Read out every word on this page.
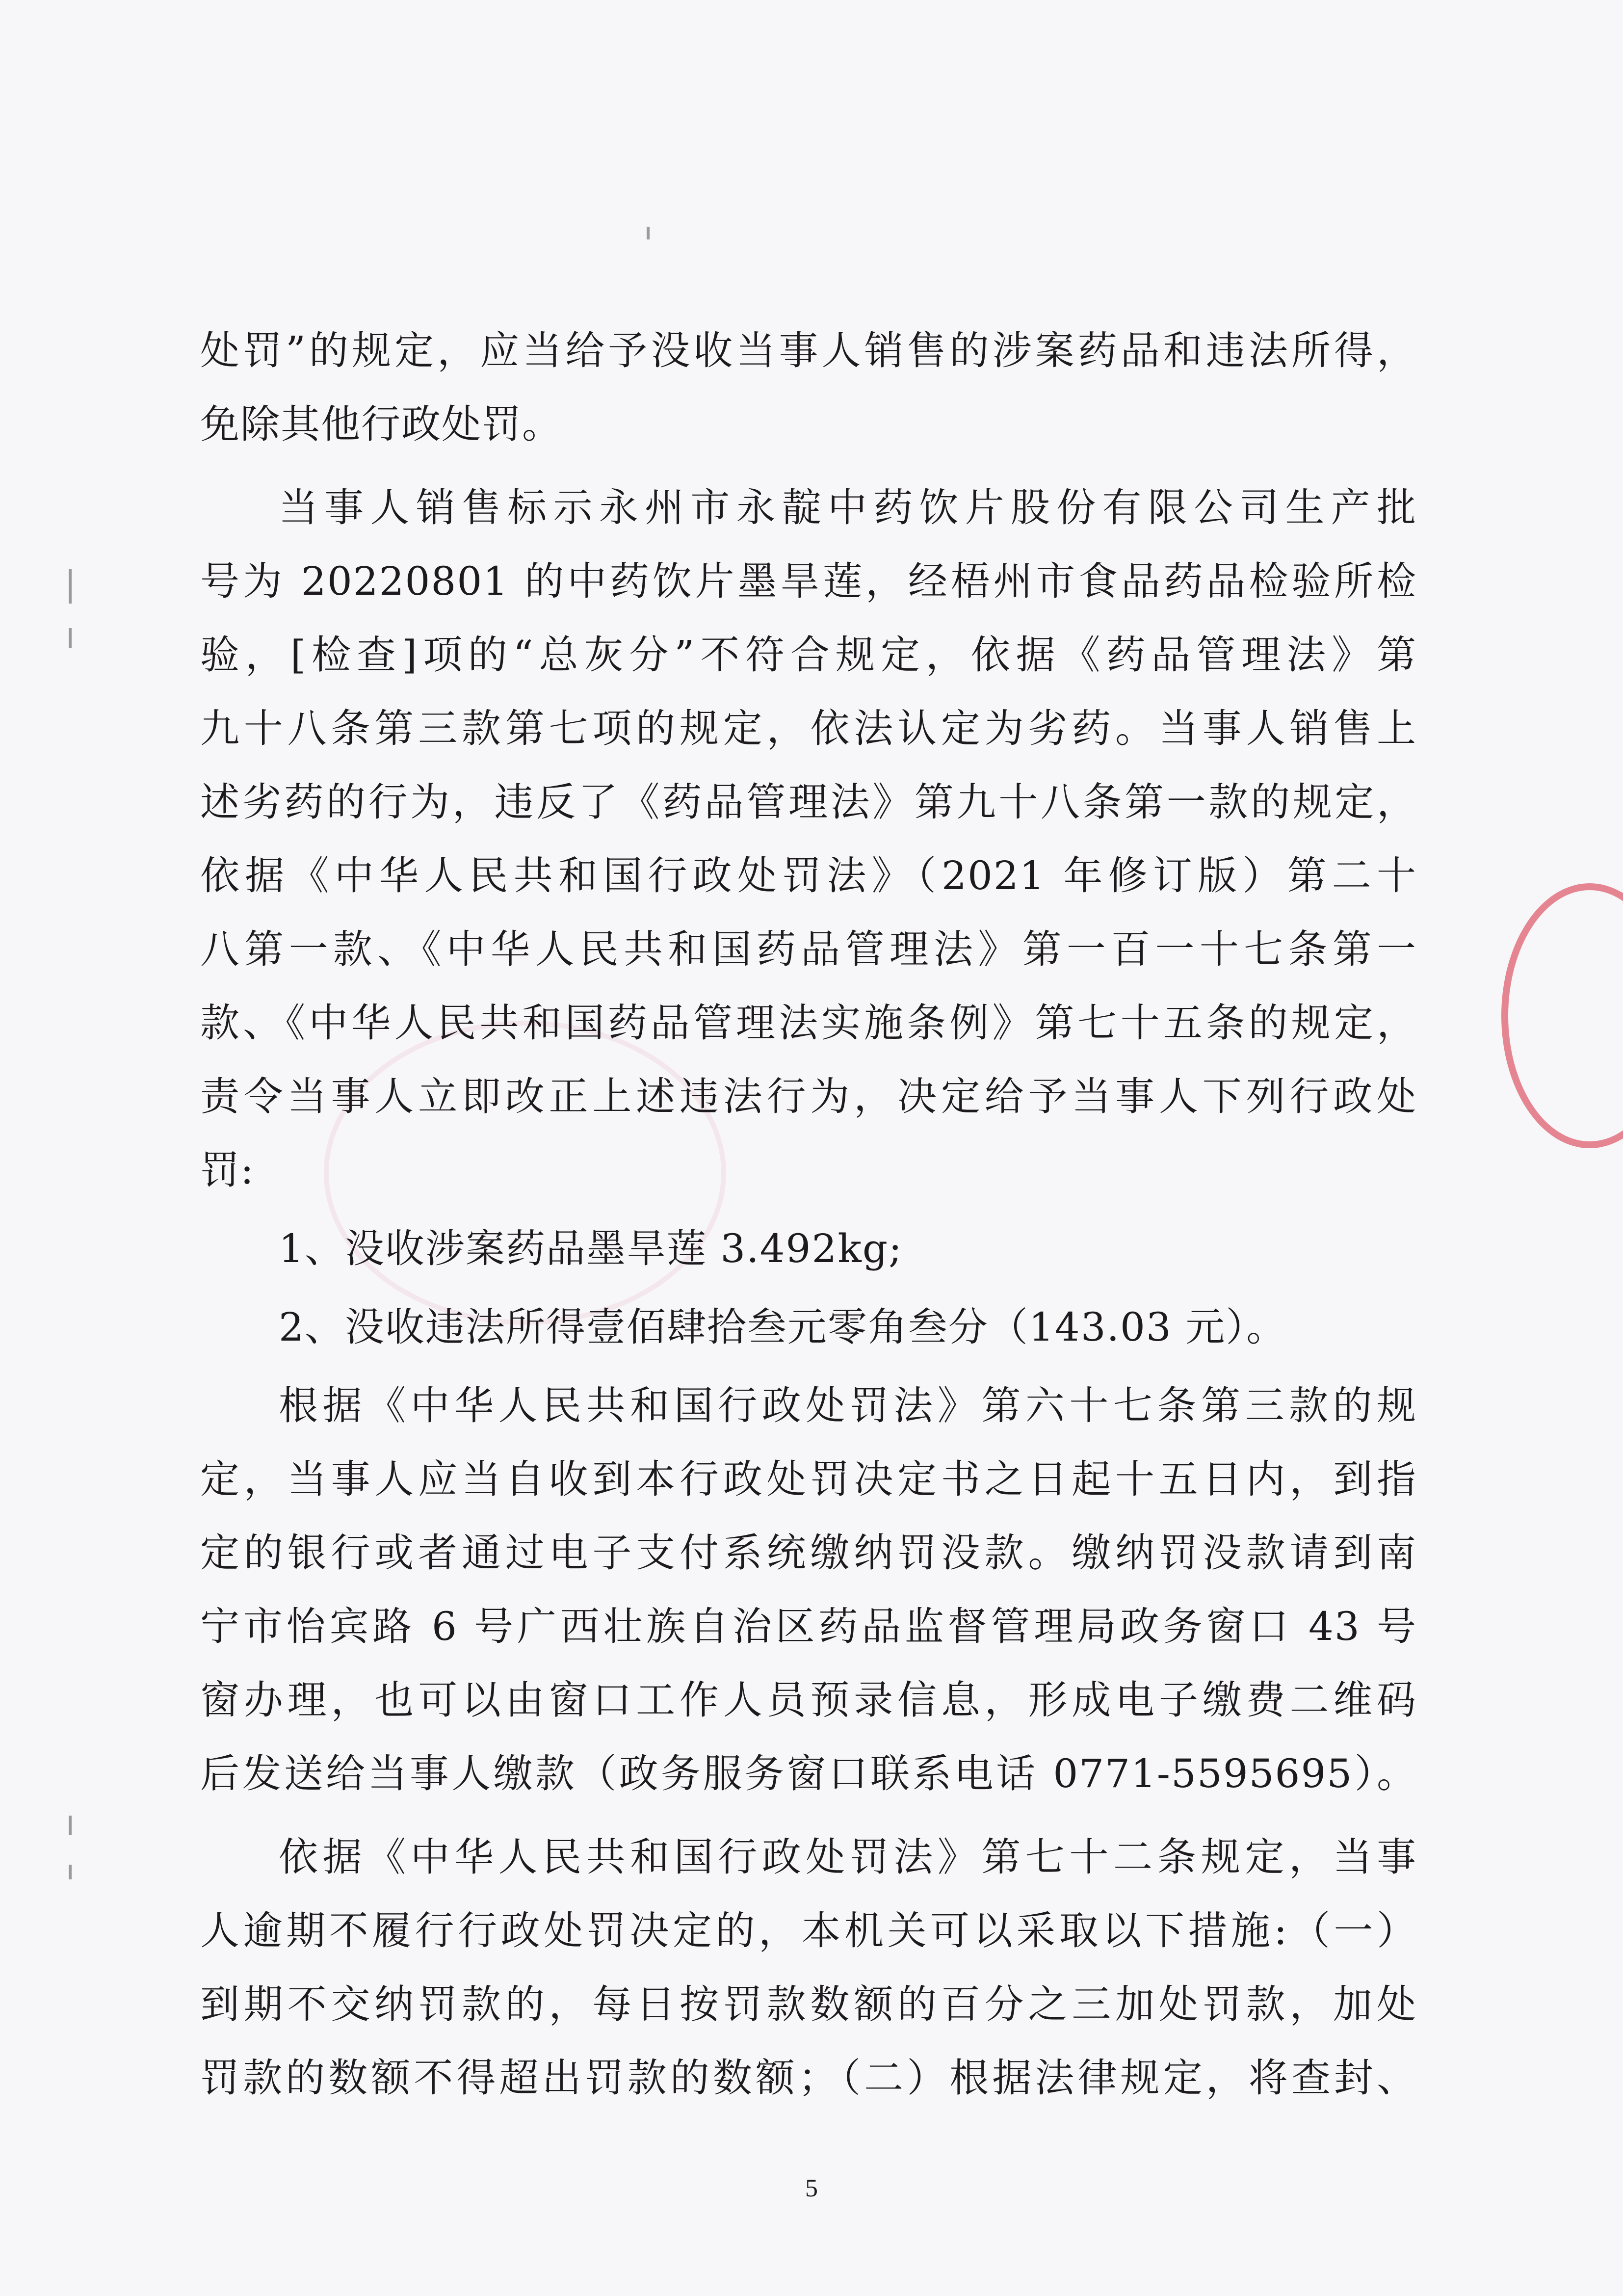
处罚”的规定，应当给予没收当事人销售的涉案药品和违法所得，
免除其他行政处罚。
当事人销售标示永州市永靛中药饮片股份有限公司生产批
号为 20220801 的中药饮片墨旱莲，经梧州市食品药品检验所检
验，[检查]项的“总灰分”不符合规定，依据《药品管理法》第
九十八条第三款第七项的规定，依法认定为劣药。当事人销售上
述劣药的行为，违反了《药品管理法》第九十八条第一款的规定，
依据《中华人民共和国行政处罚法》（2021 年修订版）第二十
八第一款、《中华人民共和国药品管理法》第一百一十七条第一
款、《中华人民共和国药品管理法实施条例》第七十五条的规定，
责令当事人立即改正上述违法行为，决定给予当事人下列行政处
罚:
1、没收涉案药品墨旱莲 3.492kg;
2、没收违法所得壹佰肆拾叁元零角叁分（143.03 元）。
根据《中华人民共和国行政处罚法》第六十七条第三款的规
定，当事人应当自收到本行政处罚决定书之日起十五日内，到指
定的银行或者通过电子支付系统缴纳罚没款。缴纳罚没款请到南
宁市怡宾路 6 号广西壮族自治区药品监督管理局政务窗口 43 号
窗办理，也可以由窗口工作人员预录信息，形成电子缴费二维码
后发送给当事人缴款（政务服务窗口联系电话 0771-5595695）。
依据《中华人民共和国行政处罚法》第七十二条规定，当事
人逾期不履行行政处罚决定的，本机关可以采取以下措施:（一）
到期不交纳罚款的，每日按罚款数额的百分之三加处罚款，加处
罚款的数额不得超出罚款的数额；（二）根据法律规定，将查封、
5
